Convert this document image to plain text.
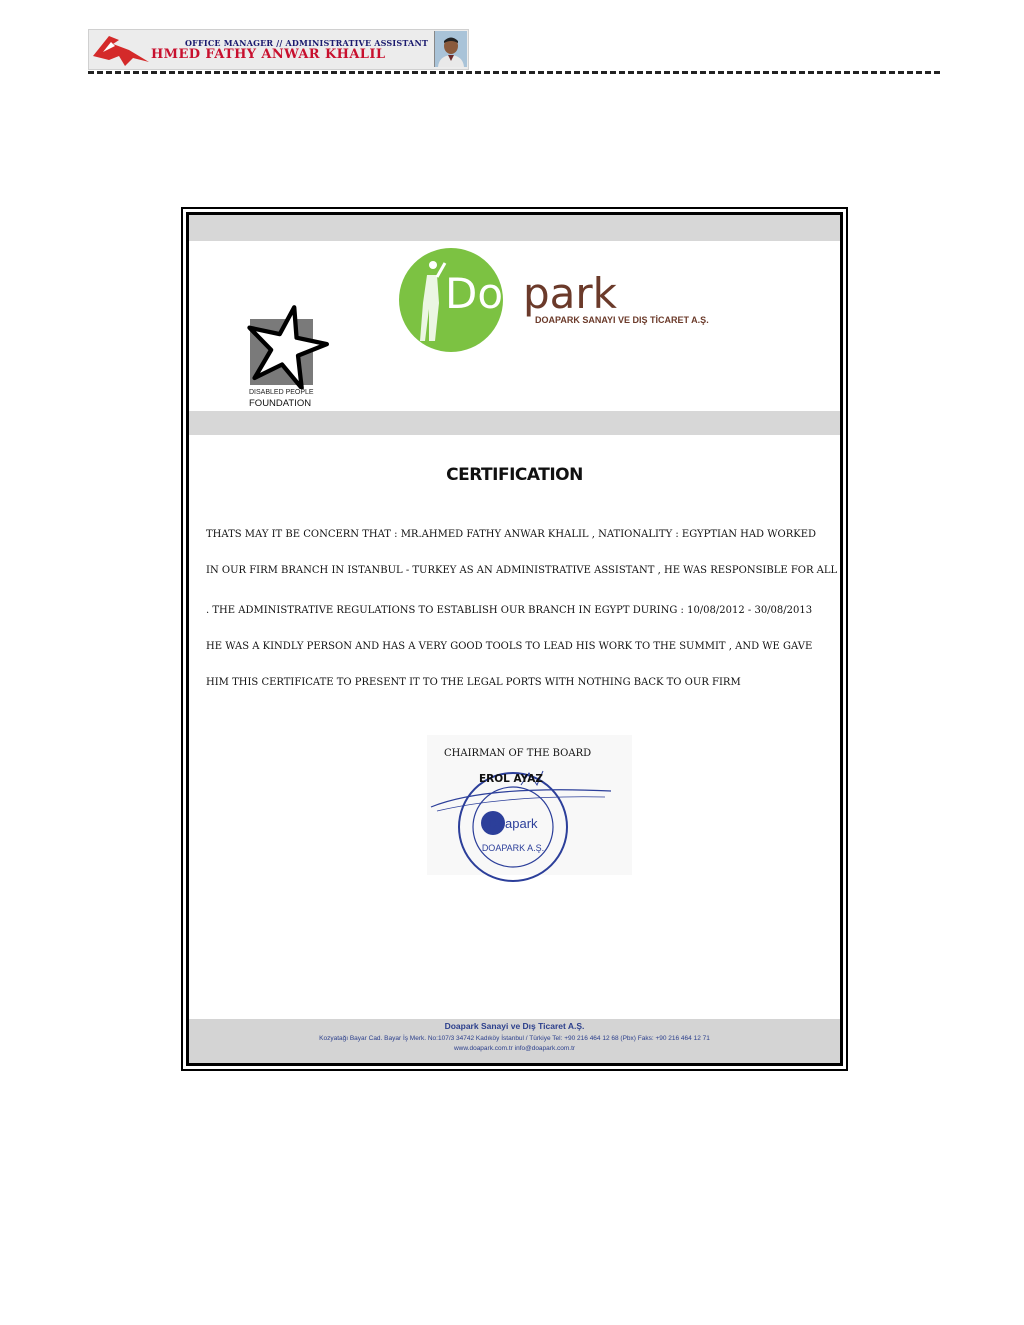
OFFICE MANAGER // ADMINISTRATIVE ASSISTANT
HMED FATHY ANWAR KHALIL
DISABLED PEOPLE
FOUNDATION
Doa
park
DOAPARK SANAYI VE DIŞ TİCARET A.Ş.
CERTIFICATION
THATS MAY IT BE CONCERN THAT : MR.AHMED FATHY ANWAR KHALIL , NATIONALITY : EGYPTIAN HAD WORKED
IN OUR FIRM BRANCH IN ISTANBUL - TURKEY AS AN ADMINISTRATIVE ASSISTANT , HE WAS RESPONSIBLE FOR ALL
. THE ADMINISTRATIVE REGULATIONS TO ESTABLISH OUR BRANCH IN EGYPT DURING : 10/08/2012 - 30/08/2013
HE WAS A KINDLY PERSON AND HAS A VERY GOOD TOOLS TO LEAD HIS WORK TO THE SUMMIT , AND WE GAVE
HIM THIS CERTIFICATE TO PRESENT IT TO THE LEGAL PORTS WITH NOTHING BACK TO OUR FIRM
CHAIRMAN OF THE BOARD
Doapark
DOAPARK A.Ş.
EROL AYAZ
Doapark Sanayi ve Dış Ticaret A.Ş.
Kozyatağı Bayar Cad. Bayar İş Merk. No:107/3 34742 Kadıköy İstanbul / Türkiye Tel: +90 216 464 12 68 (Pbx) Faks: +90 216 464 12 71
www.doapark.com.tr info@doapark.com.tr
